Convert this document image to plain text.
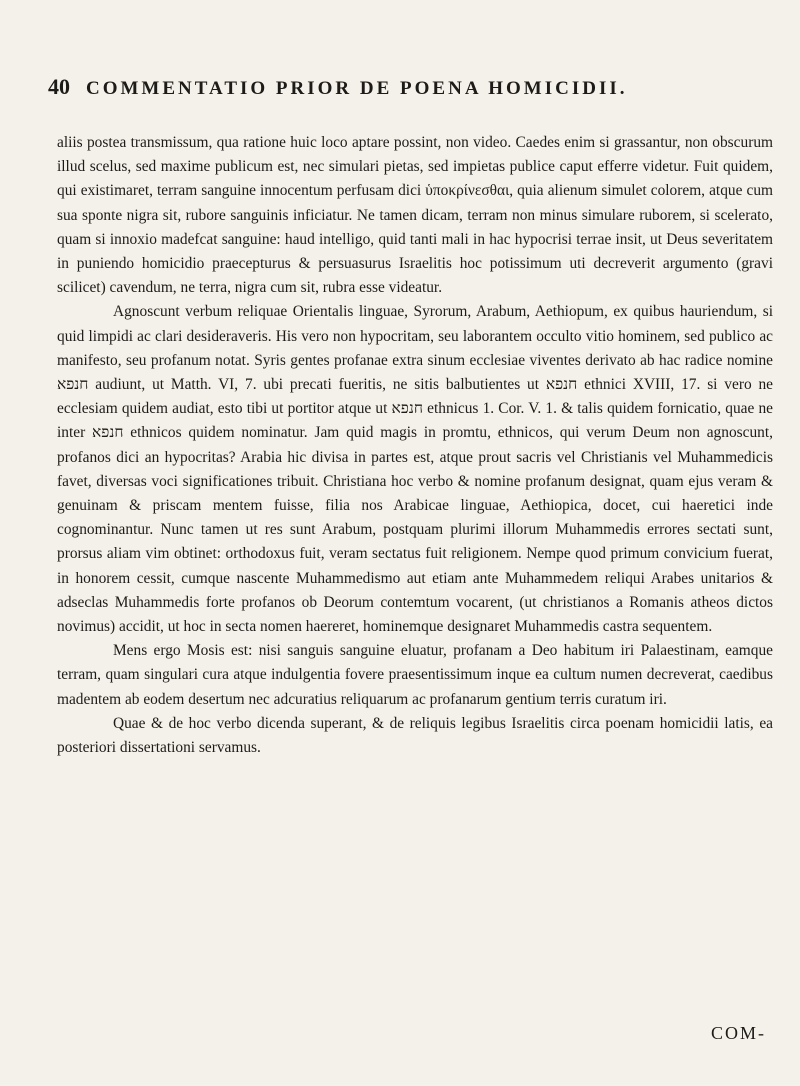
40 COMMENTATIO PRIOR DE POENA HOMICIDII.

aliis postea transmissum, qua ratione huic loco aptare possint, non video. Caedes enim si grassantur, non obscurum illud scelus, sed maxime publicum est, nec simulari pietas, sed impietas publice caput efferre videtur. Fuit quidem, qui existimaret, terram sanguine innocentum perfusam dici ὑποκρίνεσθαι, quia alienum simulet colorem, atque cum sua sponte nigra sit, rubore sanguinis inficiatur. Ne tamen dicam, terram non minus simulare ruborem, si scelerato, quam si innoxio madefcat sanguine: haud intelligo, quid tanti mali in hac hypocrisi terrae insit, ut Deus severitatem in puniendo homicidio praecepturus & persuasurus Israelitis hoc potissimum uti decreverit argumento (gravi scilicet) cavendum, ne terra, nigra cum sit, rubra esse videatur.

Agnoscunt verbum reliquae Orientalis linguae, Syrorum, Arabum, Aethiopum, ex quibus hauriendum, si quid limpidi ac clari desideraveris. His vero non hypocritam, seu laborantem occulto vitio hominem, sed publico ac manifesto, seu profanum notat. Syris gentes profanae extra sinum ecclesiae viventes derivato ab hac radice nomine חנפא audiunt, ut Matth. VI, 7. ubi precati fueritis, ne sitis balbutientes ut חנפא ethnici XVIII, 17. si vero ne ecclesiam quidem audiat, esto tibi ut portitor atque ut חנפא ethnicus 1. Cor. V. 1. & talis quidem fornicatio, quae ne inter חנפא ethnicos quidem nominatur. Jam quid magis in promtu, ethnicos, qui verum Deum non agnoscunt, profanos dici an hypocritas? Arabia hic divisa in partes est, atque prout sacris vel Christianis vel Muhammedicis favet, diversas voci significationes tribuit. Christiana hoc verbo & nomine profanum designat, quam ejus veram & genuinam & priscam mentem fuisse, filia nos Arabicae linguae, Aethiopica, docet, cui haeretici inde cognominantur. Nunc tamen ut res sunt Arabum, postquam plurimi illorum Muhammedis errores sectati sunt, prorsus aliam vim obtinet: orthodoxus fuit, veram sectatus fuit religionem. Nempe quod primum convicium fuerat, in honorem cessit, cumque nascente Muhammedismo aut etiam ante Muhammedem reliqui Arabes unitarios & adseclas Muhammedis forte profanos ob Deorum contemtum vocarent, (ut christianos a Romanis atheos dictos novimus) accidit, ut hoc in secta nomen haereret, hominemque designaret Muhammedis castra sequentem.

Mens ergo Mosis est: nisi sanguis sanguine eluatur, profanam a Deo habitum iri Palaestinam, eamque terram, quam singulari cura atque indulgentia fovere praesentissimum inque ea cultum numen decreverat, caedibus madentem ab eodem desertum nec adcuratius reliquarum ac profanarum gentium terris curatum iri.

Quae & de hoc verbo dicenda superant, & de reliquis legibus Israelitis circa poenam homicidii latis, ea posteriori dissertationi servamus.

COM-
